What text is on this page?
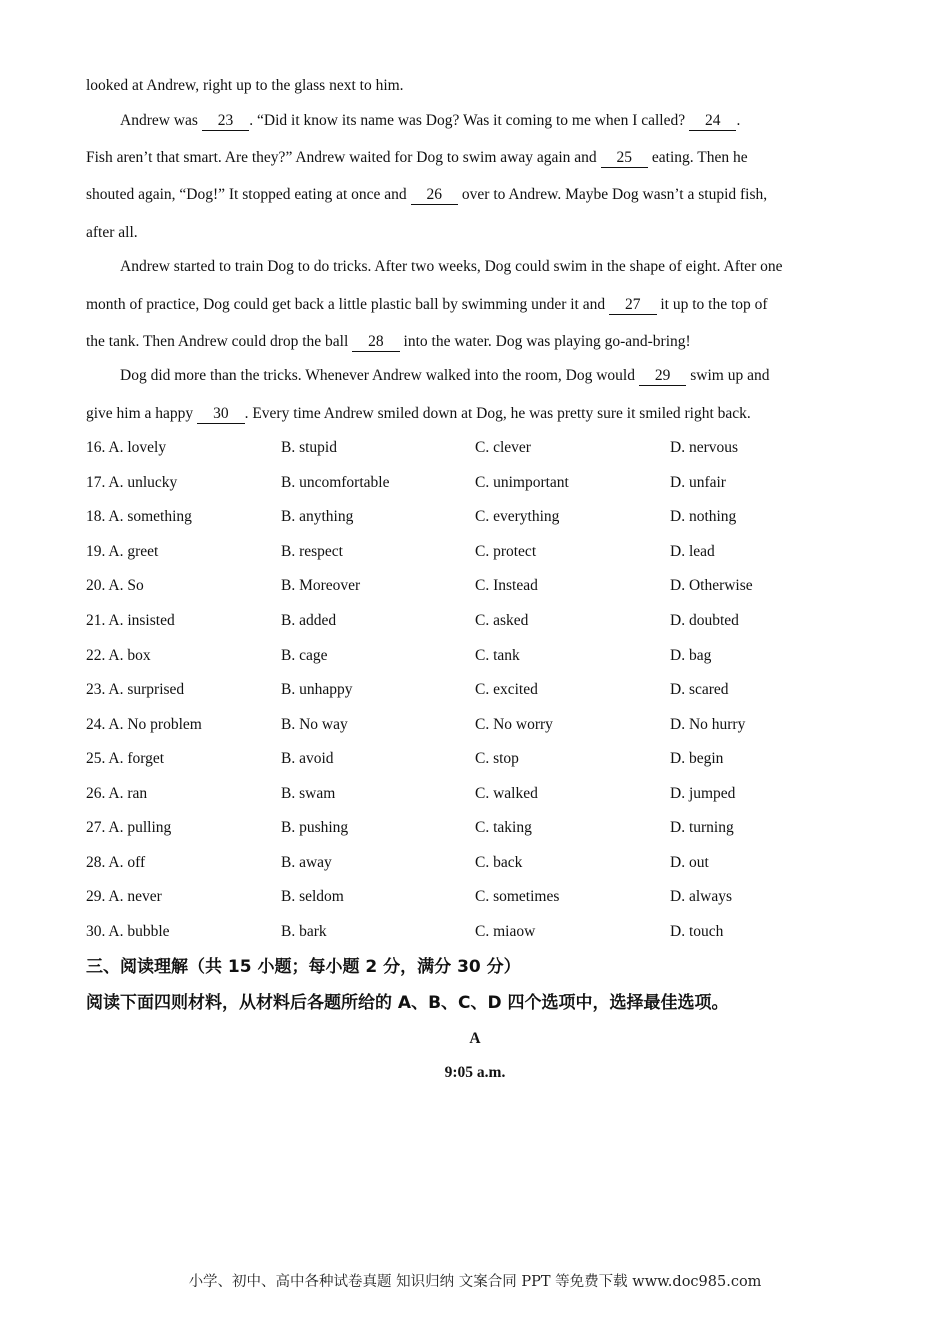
looked at Andrew, right up to the glass next to him.
Andrew was 23 . “Did it know its name was Dog? Was it coming to me when I called? 24 .
Fish aren’t that smart. Are they?” Andrew waited for Dog to swim away again and 25 eating. Then he
shouted again, “Dog!” It stopped eating at once and 26 over to Andrew. Maybe Dog wasn’t a stupid fish,
after all.
Andrew started to train Dog to do tricks. After two weeks, Dog could swim in the shape of eight. After one
month of practice, Dog could get back a little plastic ball by swimming under it and 27 it up to the top of
the tank. Then Andrew could drop the ball 28 into the water. Dog was playing go-and-bring!
Dog did more than the tricks. Whenever Andrew walked into the room, Dog would 29 swim up and
give him a happy 30 . Every time Andrew smiled down at Dog, he was pretty sure it smiled right back.
16. A. lovely	B. stupid	C. clever	D. nervous
17. A. unlucky	B. uncomfortable	C. unimportant	D. unfair
18. A. something	B. anything	C. everything	D. nothing
19. A. greet	B. respect	C. protect	D. lead
20. A. So	B. Moreover	C. Instead	D. Otherwise
21. A. insisted	B. added	C. asked	D. doubted
22. A. box	B. cage	C. tank	D. bag
23. A. surprised	B. unhappy	C. excited	D. scared
24. A. No problem	B. No way	C. No worry	D. No hurry
25. A. forget	B. avoid	C. stop	D. begin
26. A. ran	B. swam	C. walked	D. jumped
27. A. pulling	B. pushing	C. taking	D. turning
28. A. off	B. away	C. back	D. out
29. A. never	B. seldom	C. sometimes	D. always
30. A. bubble	B. bark	C. miaow	D. touch
三、阅读理解（共 15 小题；每小题 2 分，满分 30 分）
阅读下面四则材料，从材料后各题所给的 A、B、C、D 四个选项中，选择最佳选项。
A
9:05 a.m.
小学、初中、高中各种试卷真题 知识归纳 文案合同 PPT 等免费下载 www.doc985.com
